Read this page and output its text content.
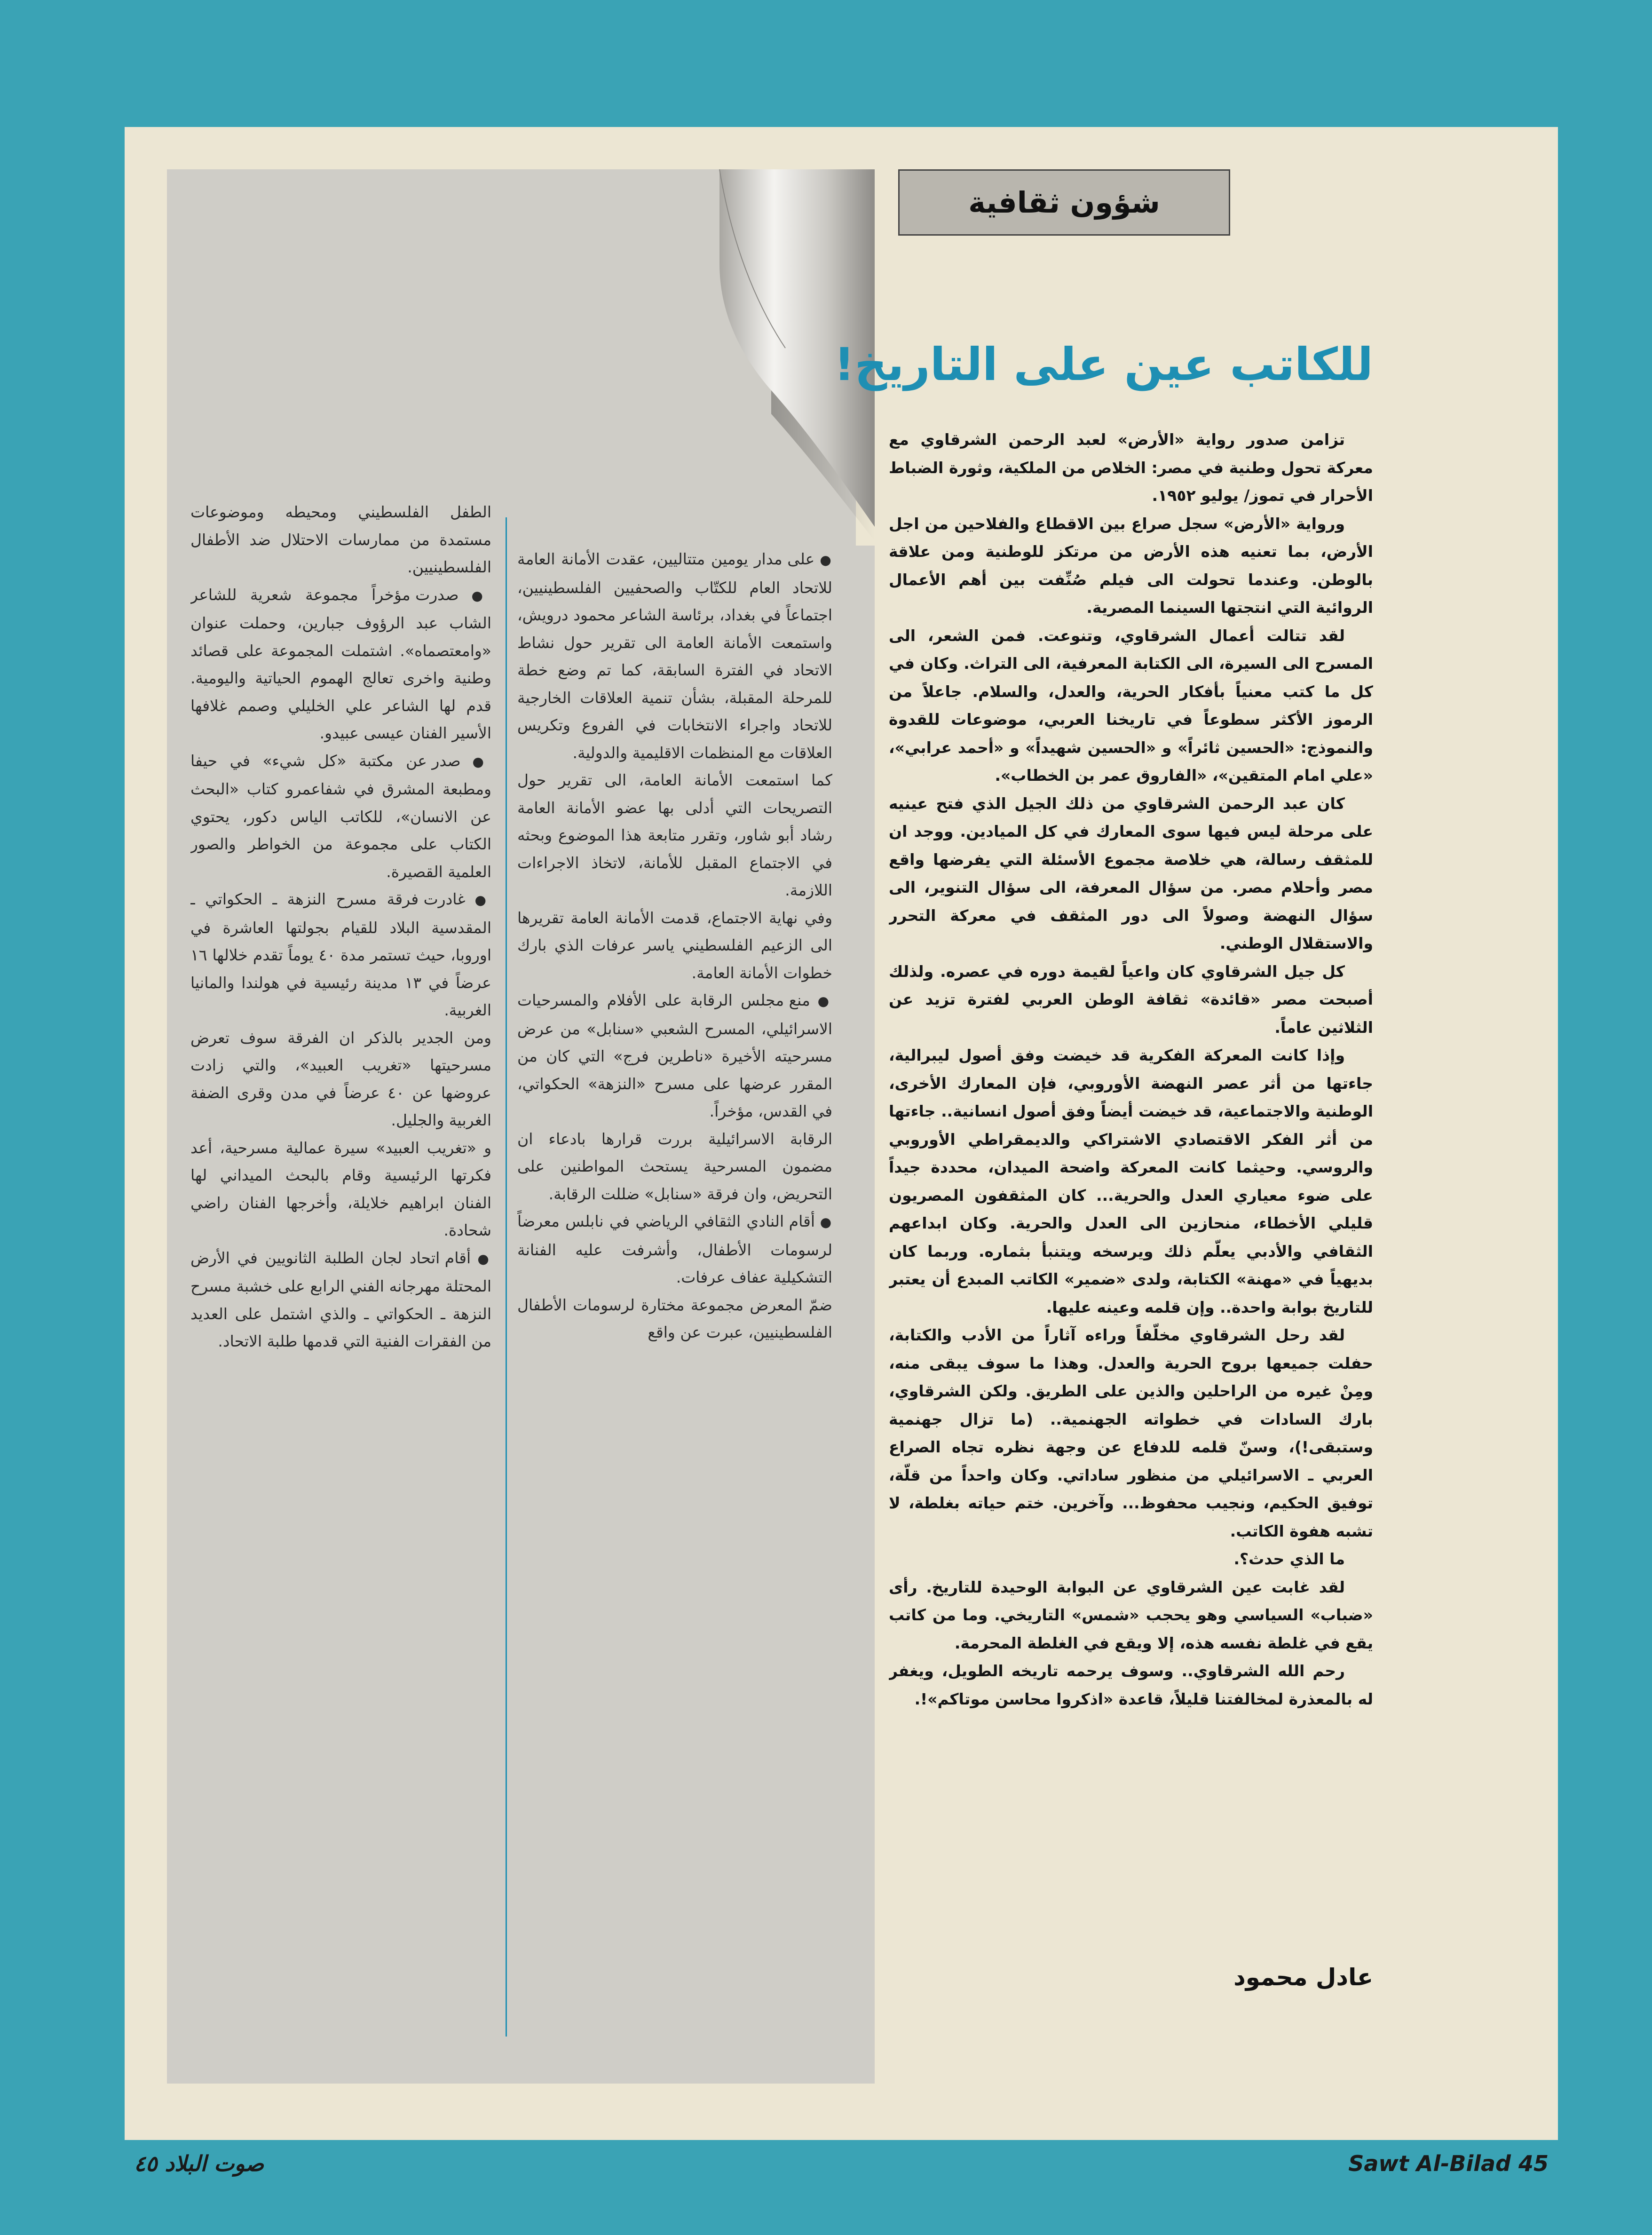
شؤون ثقافية
للكاتب عين على التاريخ!

تزامن صدور رواية «الأرض» لعبد الرحمن الشرقاوي مع معركة تحول وطنية في مصر: الخلاص من الملكية، وثورة الضباط الأحرار في تموز/ يوليو ١٩٥٢.

ورواية «الأرض» سجل صراع بين الاقطاع والفلاحين من اجل الأرض، بما تعنيه هذه الأرض من مرتكز للوطنية ومن علاقة بالوطن. وعندما تحولت الى فيلم صُنِّفت بين أهم الأعمال الروائية التي انتجتها السينما المصرية.

لقد تتالت أعمال الشرقاوي، وتنوعت. فمن الشعر، الى المسرح الى السيرة، الى الكتابة المعرفية، الى التراث. وكان في كل ما كتب معنياً بأفكار الحرية، والعدل، والسلام. جاعلاً من الرموز الأكثر سطوعاً في تاريخنا العربي، موضوعات للقدوة والنموذج: «الحسين ثائراً» و «الحسين شهيداً» و «أحمد عرابي»، «علي امام المتقين»، «الفاروق عمر بن الخطاب».

كان عبد الرحمن الشرقاوي من ذلك الجيل الذي فتح عينيه على مرحلة ليس فيها سوى المعارك في كل الميادين. ووجد ان للمثقف رسالة، هي خلاصة مجموع الأسئلة التي يفرضها واقع مصر وأحلام مصر. من سؤال المعرفة، الى سؤال التنوير، الى سؤال النهضة وصولاً الى دور المثقف في معركة التحرر والاستقلال الوطني.

كل جيل الشرقاوي كان واعياً لقيمة دوره في عصره. ولذلك أصبحت مصر «قائدة» ثقافة الوطن العربي لفترة تزيد عن الثلاثين عاماً.

وإذا كانت المعركة الفكرية قد خيضت وفق أصول ليبرالية، جاءتها من أثر عصر النهضة الأوروبي، فإن المعارك الأخرى، الوطنية والاجتماعية، قد خيضت أيضاً وفق أصول انسانية.. جاءتها من أثر الفكر الاقتصادي الاشتراكي والديمقراطي الأوروبي والروسي. وحيثما كانت المعركة واضحة الميدان، محددة جيداً على ضوء معياري العدل والحرية... كان المثقفون المصريون قليلي الأخطاء، منحازين الى العدل والحرية. وكان ابداعهم الثقافي والأدبي يعلّم ذلك ويرسخه ويتنبأ بثماره. وربما كان بديهياً في «مهنة» الكتابة، ولدى «ضمير» الكاتب المبدع أن يعتبر للتاريخ بوابة واحدة.. وإن قلمه وعينه عليها.

لقد رحل الشرقاوي مخلّفاً وراءه آثاراً من الأدب والكتابة، حفلت جميعها بروح الحرية والعدل. وهذا ما سوف يبقى منه، ومِنْ غيره من الراحلين والذين على الطريق. ولكن الشرقاوي، بارك السادات في خطواته الجهنمية.. (ما تزال جهنمية وستبقى!)، وسنّ قلمه للدفاع عن وجهة نظره تجاه الصراع العربي ـ الاسرائيلي من منظور ساداتي. وكان واحداً من قلّة، توفيق الحكيم، ونجيب محفوظ... وآخرين. ختم حياته بغلطة، لا تشبه هفوة الكاتب.

ما الذي حدث؟.

لقد غابت عين الشرقاوي عن البوابة الوحيدة للتاريخ. رأى «ضباب» السياسي وهو يحجب «شمس» التاريخي. وما من كاتب يقع في غلطة نفسه هذه، إلا ويقع في الغلطة المحرمة.

رحم الله الشرقاوي.. وسوف يرحمه تاريخه الطويل، ويغفر له بالمعذرة لمخالفتنا قليلاً، قاعدة «اذكروا محاسن موتاكم»!.

عادل محمود

● على مدار يومين متتاليين، عقدت الأمانة العامة للاتحاد العام للكتّاب والصحفيين الفلسطينيين، اجتماعاً في بغداد، برئاسة الشاعر محمود درويش، واستمعت الأمانة العامة الى تقرير حول نشاط الاتحاد في الفترة السابقة، كما تم وضع خطة للمرحلة المقبلة، بشأن تنمية العلاقات الخارجية للاتحاد واجراء الانتخابات في الفروع وتكريس العلاقات مع المنظمات الاقليمية والدولية.

كما استمعت الأمانة العامة، الى تقرير حول التصريحات التي أدلى بها عضو الأمانة العامة رشاد أبو شاور، وتقرر متابعة هذا الموضوع وبحثه في الاجتماع المقبل للأمانة، لاتخاذ الاجراءات اللازمة.

وفي نهاية الاجتماع، قدمت الأمانة العامة تقريرها الى الزعيم الفلسطيني ياسر عرفات الذي بارك خطوات الأمانة العامة.

● منع مجلس الرقابة على الأفلام والمسرحيات الاسرائيلي، المسرح الشعبي «سنابل» من عرض مسرحيته الأخيرة «ناطرين فرج» التي كان من المقرر عرضها على مسرح «النزهة» الحكواتي، في القدس، مؤخراً.

الرقابة الاسرائيلية بررت قرارها بادعاء ان مضمون المسرحية يستحث المواطنين على التحريض، وان فرقة «سنابل» ضللت الرقابة.

● أقام النادي الثقافي الرياضي في نابلس معرضاً لرسومات الأطفال، وأشرفت عليه الفنانة التشكيلية عفاف عرفات.

ضمّ المعرض مجموعة مختارة لرسومات الأطفال الفلسطينيين، عبرت عن واقع

الطفل الفلسطيني ومحيطه وموضوعات مستمدة من ممارسات الاحتلال ضد الأطفال الفلسطينيين.

● صدرت مؤخراً مجموعة شعرية للشاعر الشاب عبد الرؤوف جبارين، وحملت عنوان «وامعتصماه». اشتملت المجموعة على قصائد وطنية واخرى تعالج الهموم الحياتية واليومية. قدم لها الشاعر علي الخليلي وصمم غلافها الأسير الفنان عيسى عبيدو.

● صدر عن مكتبة «كل شيء» في حيفا ومطبعة المشرق في شفاعمرو كتاب «البحث عن الانسان»، للكاتب الياس دكور، يحتوي الكتاب على مجموعة من الخواطر والصور العلمية القصيرة.

● غادرت فرقة مسرح النزهة ـ الحكواتي ـ المقدسية البلاد للقيام بجولتها العاشرة في اوروبا، حيث تستمر مدة ٤٠ يوماً تقدم خلالها ١٦ عرضاً في ١٣ مدينة رئيسية في هولندا والمانيا الغربية.

ومن الجدير بالذكر ان الفرقة سوف تعرض مسرحيتها «تغريب العبيد»، والتي زادت عروضها عن ٤٠ عرضاً في مدن وقرى الضفة الغربية والجليل.

و «تغريب العبيد» سيرة عمالية مسرحية، أعد فكرتها الرئيسية وقام بالبحث الميداني لها الفنان ابراهيم خلايلة، وأخرجها الفنان راضي شحادة.

● أقام اتحاد لجان الطلبة الثانويين في الأرض المحتلة مهرجانه الفني الرابع على خشبة مسرح النزهة ـ الحكواتي ـ والذي اشتمل على العديد من الفقرات الفنية التي قدمها طلبة الاتحاد.

صوت البلاد ٤٥	Sawt Al-Bilad 45
